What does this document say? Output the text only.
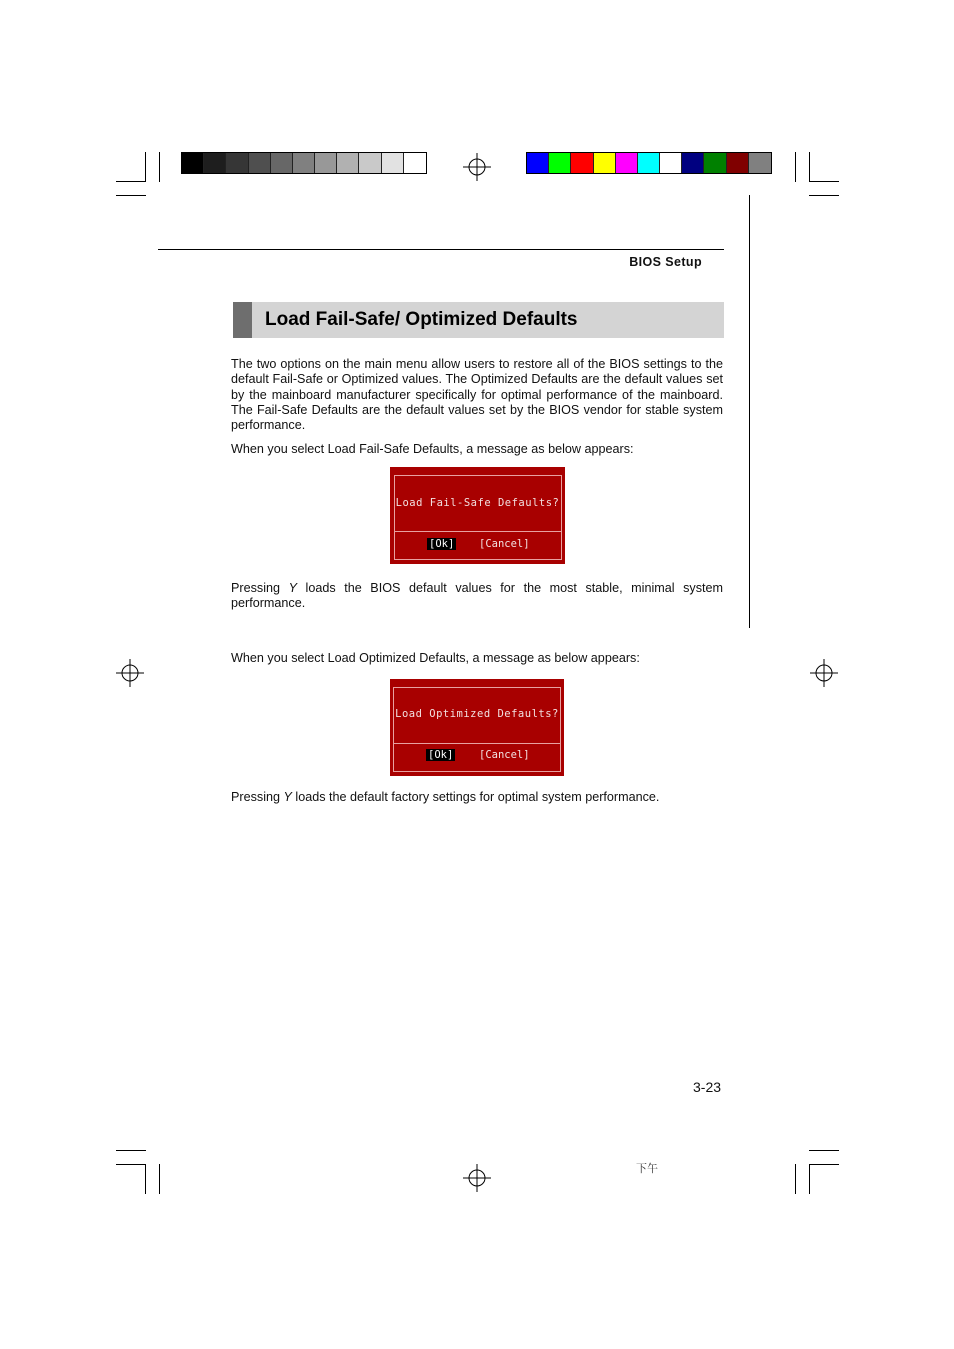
BIOS Setup
Load Fail-Safe/ Optimized Defaults
The two options on the main menu allow users to restore all of the BIOS settings to the default Fail-Safe or Optimized values. The Optimized Defaults are the default values set by the mainboard manufacturer specifically for optimal performance of the mainboard. The Fail-Safe Defaults are the default values set by the BIOS vendor for stable system performance.
When you select Load Fail-Safe Defaults, a message as below appears:
Load Fail-Safe Defaults?
[Ok] [Cancel]
Pressing Y loads the BIOS default values for the most stable, minimal system performance.
When you select Load Optimized Defaults, a message as below appears:
Load Optimized Defaults?
[Ok] [Cancel]
Pressing Y loads the default factory settings for optimal system performance.
3-23
下午
